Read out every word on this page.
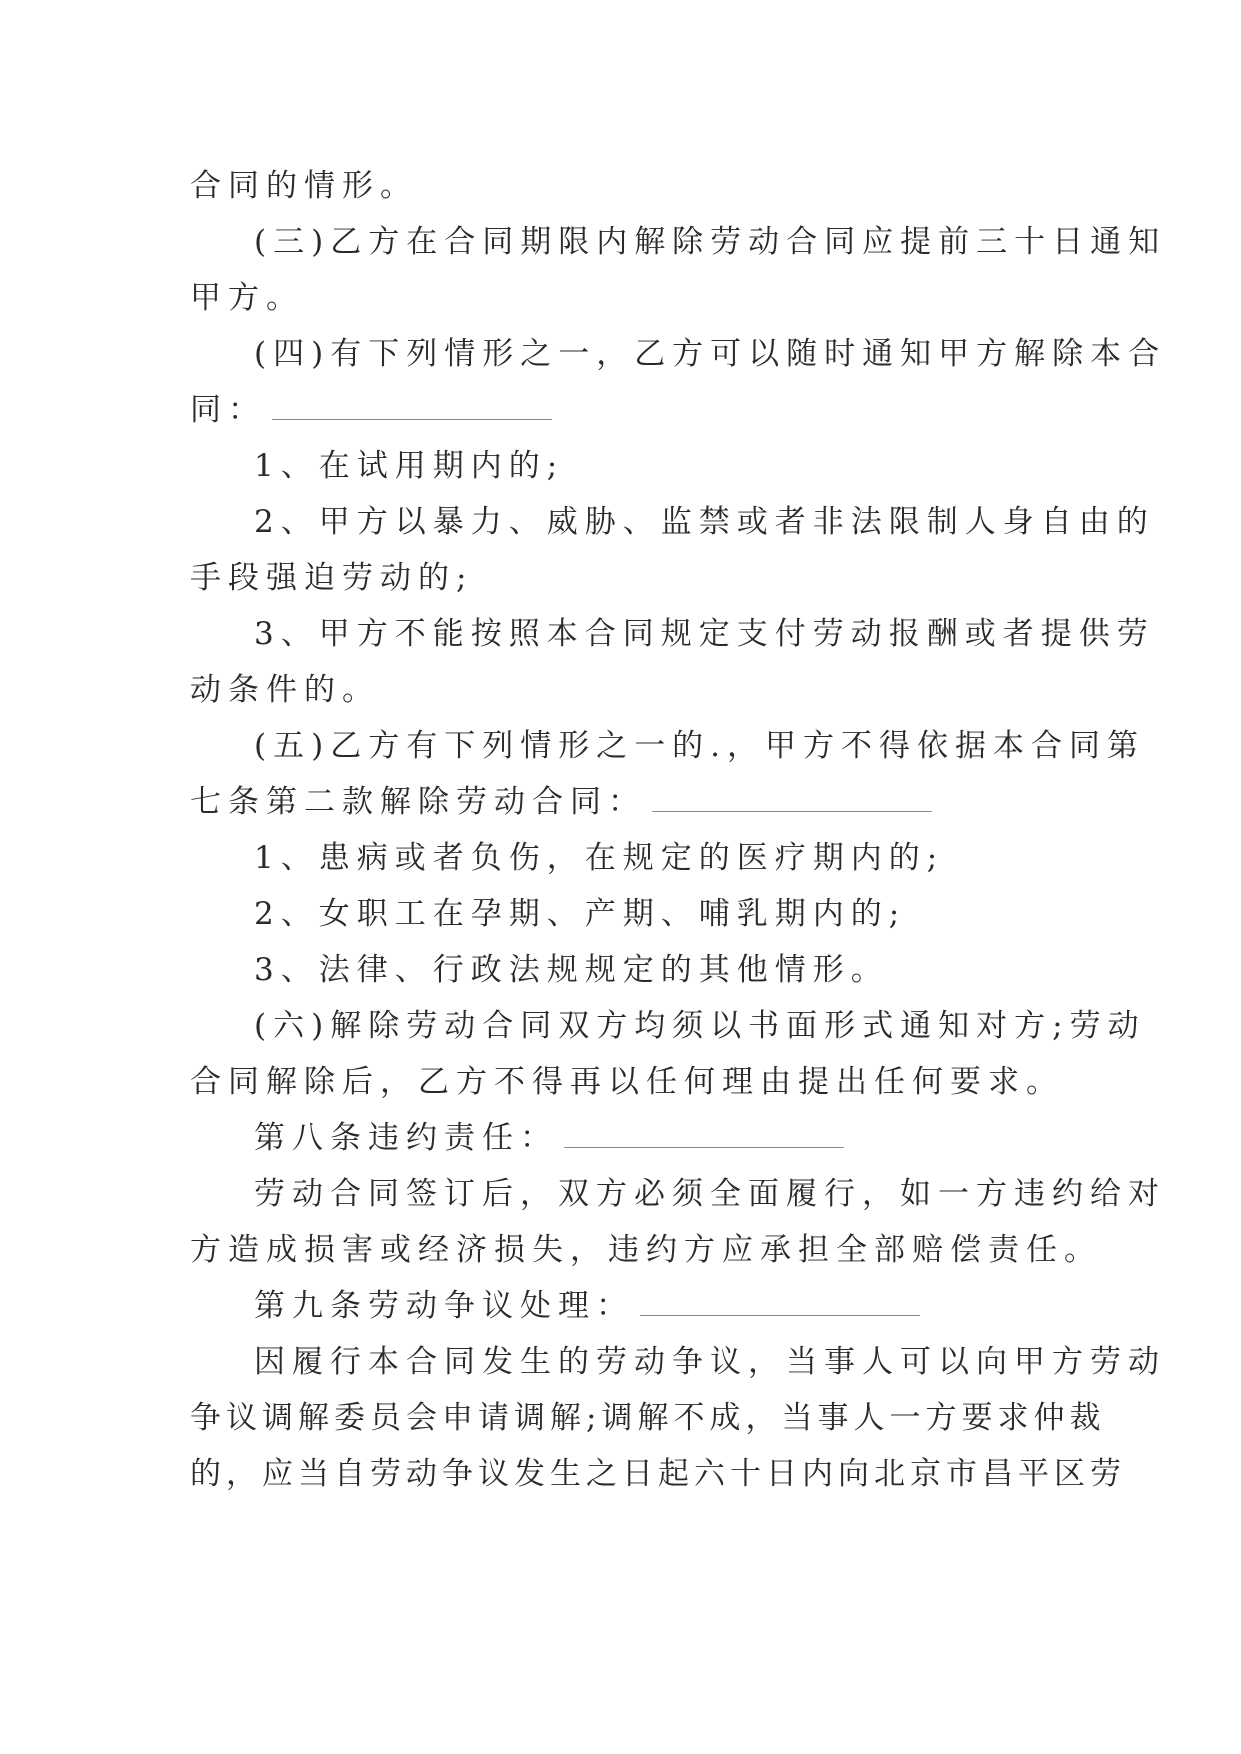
合同的情形。
(三)乙方在合同期限内解除劳动合同应提前三十日通知
甲方。
(四)有下列情形之一，乙方可以随时通知甲方解除本合
同：
1、在试用期内的;
2、甲方以暴力、威胁、监禁或者非法限制人身自由的
手段强迫劳动的;
3、甲方不能按照本合同规定支付劳动报酬或者提供劳
动条件的。
(五)乙方有下列情形之一的.，甲方不得依据本合同第
七条第二款解除劳动合同：
1、患病或者负伤，在规定的医疗期内的;
2、女职工在孕期、产期、哺乳期内的;
3、法律、行政法规规定的其他情形。
(六)解除劳动合同双方均须以书面形式通知对方;劳动
合同解除后，乙方不得再以任何理由提出任何要求。
第八条违约责任：
劳动合同签订后，双方必须全面履行，如一方违约给对
方造成损害或经济损失，违约方应承担全部赔偿责任。
第九条劳动争议处理：
因履行本合同发生的劳动争议，当事人可以向甲方劳动
争议调解委员会申请调解;调解不成，当事人一方要求仲裁
的，应当自劳动争议发生之日起六十日内向北京市昌平区劳
